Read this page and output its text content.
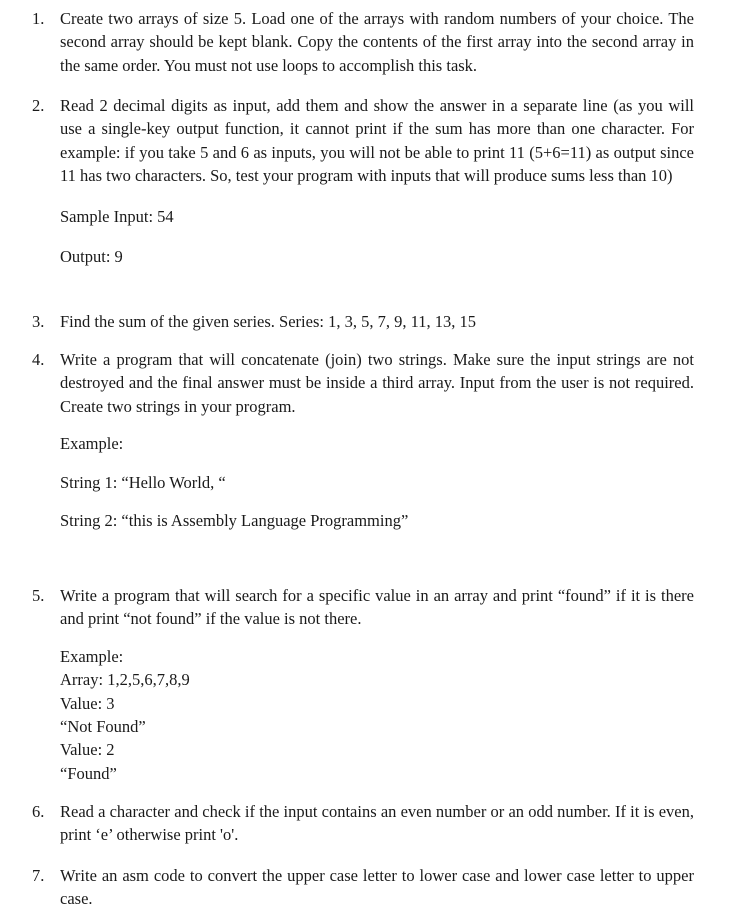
1. Create two arrays of size 5. Load one of the arrays with random numbers of your choice. The second array should be kept blank. Copy the contents of the first array into the second array in the same order. You must not use loops to accomplish this task.

2. Read 2 decimal digits as input, add them and show the answer in a separate line (as you will use a single-key output function, it cannot print if the sum has more than one character. For example: if you take 5 and 6 as inputs, you will not be able to print 11 (5+6=11) as output since 11 has two characters. So, test your program with inputs that will produce sums less than 10)

Sample Input: 54

Output: 9

3. Find the sum of the given series. Series: 1, 3, 5, 7, 9, 11, 13, 15

4. Write a program that will concatenate (join) two strings. Make sure the input strings are not destroyed and the final answer must be inside a third array. Input from the user is not required. Create two strings in your program.

Example:

String 1: “Hello World, “

String 2: “this is Assembly Language Programming”

5. Write a program that will search for a specific value in an array and print “found” if it is there and print “not found” if the value is not there.

Example:

Array: 1,2,5,6,7,8,9

Value: 3

“Not Found”

Value: 2

“Found”

6. Read a character and check if the input contains an even number or an odd number. If it is even, print ‘e’ otherwise print 'o'.

7. Write an asm code to convert the upper case letter to lower case and lower case letter to upper case.
